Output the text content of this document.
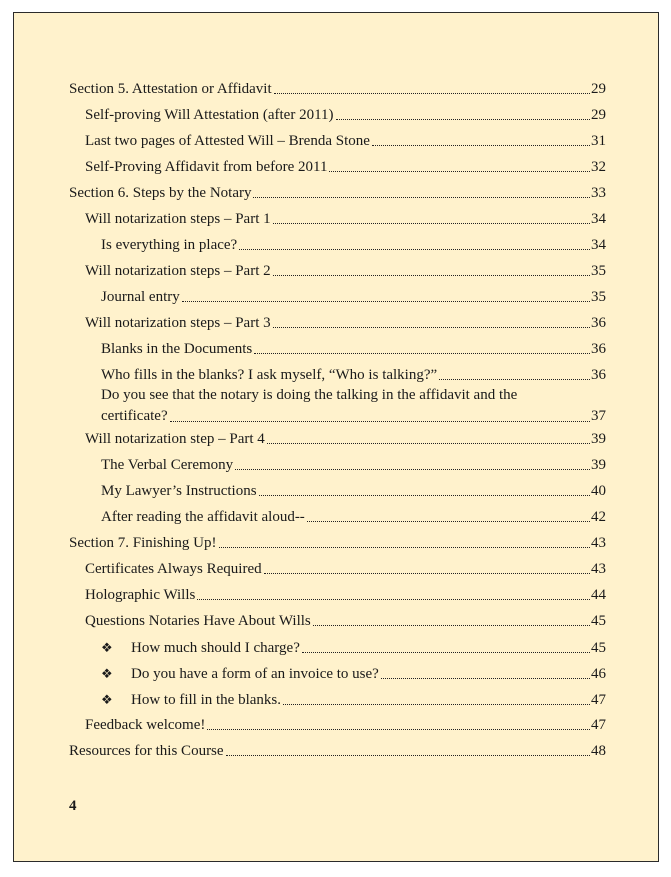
Section 5. Attestation or Affidavit	29
Self-proving Will Attestation (after 2011)	29
Last two pages of Attested Will – Brenda Stone	31
Self-Proving Affidavit from before 2011	32
Section 6. Steps by the Notary	33
Will notarization steps – Part 1	34
Is everything in place?	34
Will notarization steps – Part 2	35
Journal entry	35
Will notarization steps – Part 3	36
Blanks in the Documents	36
Who fills in the blanks? I ask myself, “Who is talking?”	36
Do you see that the notary is doing the talking in the affidavit and the
certificate?	37
Will notarization step – Part 4	39
The Verbal Ceremony	39
My Lawyer’s Instructions	40
After reading the affidavit aloud--	42
Section 7. Finishing Up!	43
Certificates Always Required	43
Holographic Wills	44
Questions Notaries Have About Wills	45
❖ How much should I charge?	45
❖ Do you have a form of an invoice to use?	46
❖ How to fill in the blanks.	47
Feedback welcome!	47
Resources for this Course	48
4
